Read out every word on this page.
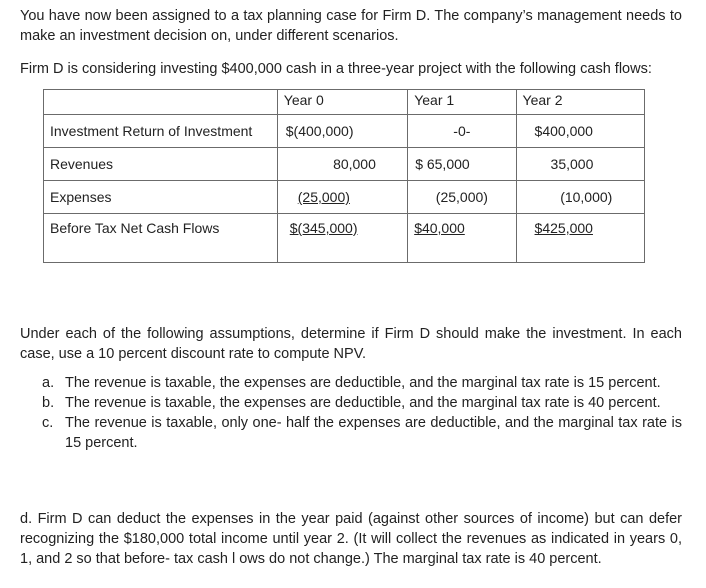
You have now been assigned to a tax planning case for Firm D. The company’s management needs to make an investment decision on, under different scenarios.

Firm D is considering investing $400,000 cash in a three-year project with the following cash flows:

	Year 0	Year 1	Year 2
Investment Return of Investment	$(400,000)	-0-	$400,000
Revenues	80,000	$ 65,000	35,000
Expenses	(25,000)	(25,000)	(10,000)
Before Tax Net Cash Flows	$(345,000)	$40,000	$425,000

Under each of the following assumptions, determine if Firm D should make the investment. In each case, use a 10 percent discount rate to compute NPV.

a. The revenue is taxable, the expenses are deductible, and the marginal tax rate is 15 percent.
b. The revenue is taxable, the expenses are deductible, and the marginal tax rate is 40 percent.
c. The revenue is taxable, only one- half the expenses are deductible, and the marginal tax rate is 15 percent.

d. Firm D can deduct the expenses in the year paid (against other sources of income) but can defer recognizing the $180,000 total income until year 2. (It will collect the revenues as indicated in years 0, 1, and 2 so that before- tax cash l ows do not change.) The marginal tax rate is 40 percent.
